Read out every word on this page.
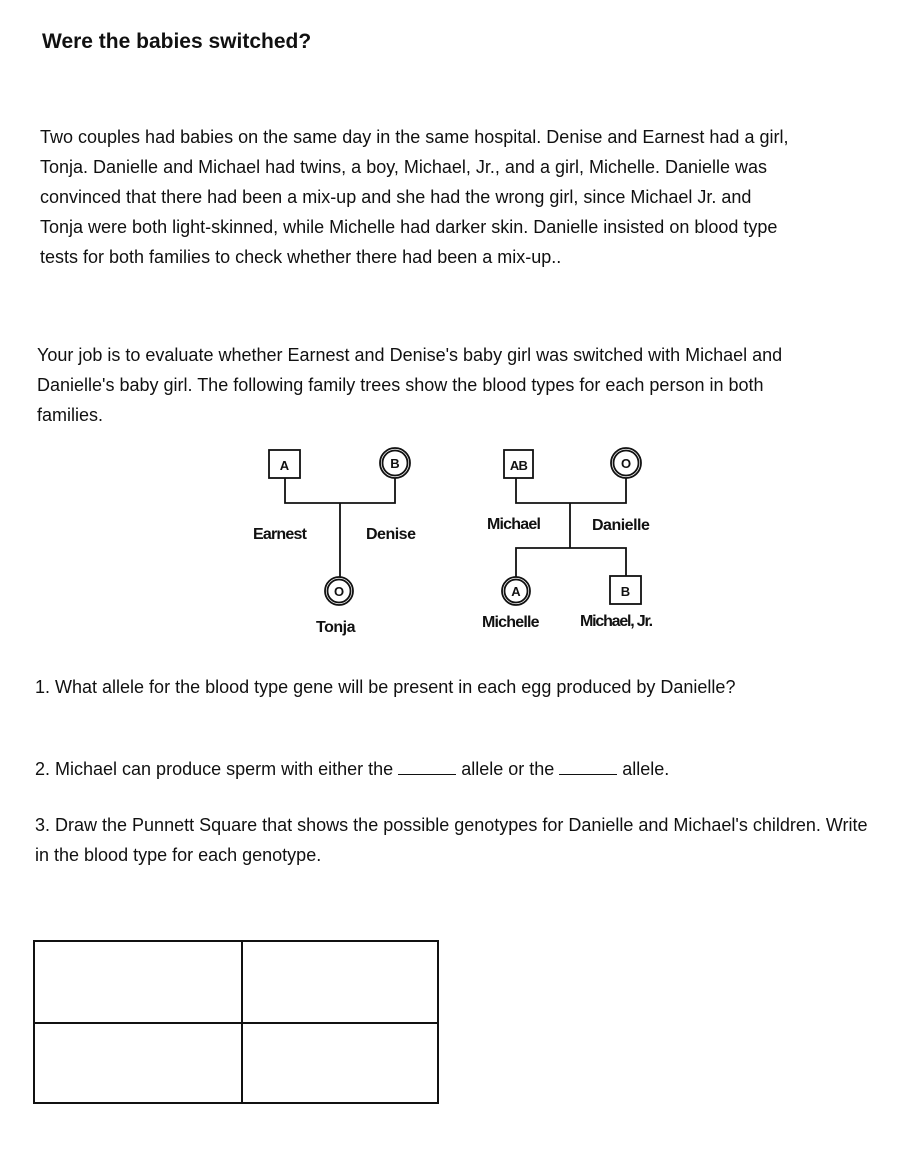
Were the babies switched?

Two couples had babies on the same day in the same hospital. Denise and Earnest had a girl,
Tonja. Danielle and Michael had twins, a boy, Michael, Jr., and a girl, Michelle. Danielle was
convinced that there had been a mix-up and she had the wrong girl, since Michael Jr. and
Tonja were both light-skinned, while Michelle had darker skin. Danielle insisted on blood type
tests for both families to check whether there had been a mix-up..

Your job is to evaluate whether Earnest and Denise's baby girl was switched with Michael and
Danielle's baby girl. The following family trees show the blood types for each person in both
families.

A	B
O
Earnest	Denise
Tonja
AB	O
A	B
Michael	Danielle
Michelle	Michael, Jr.
1. What allele for the blood type gene will be present in each egg produced by Danielle?
2. Michael can produce sperm with either the	allele or the	allele.
3. Draw the Punnett Square that shows the possible genotypes for Danielle and Michael's children. Write in the blood type for each genotype.
